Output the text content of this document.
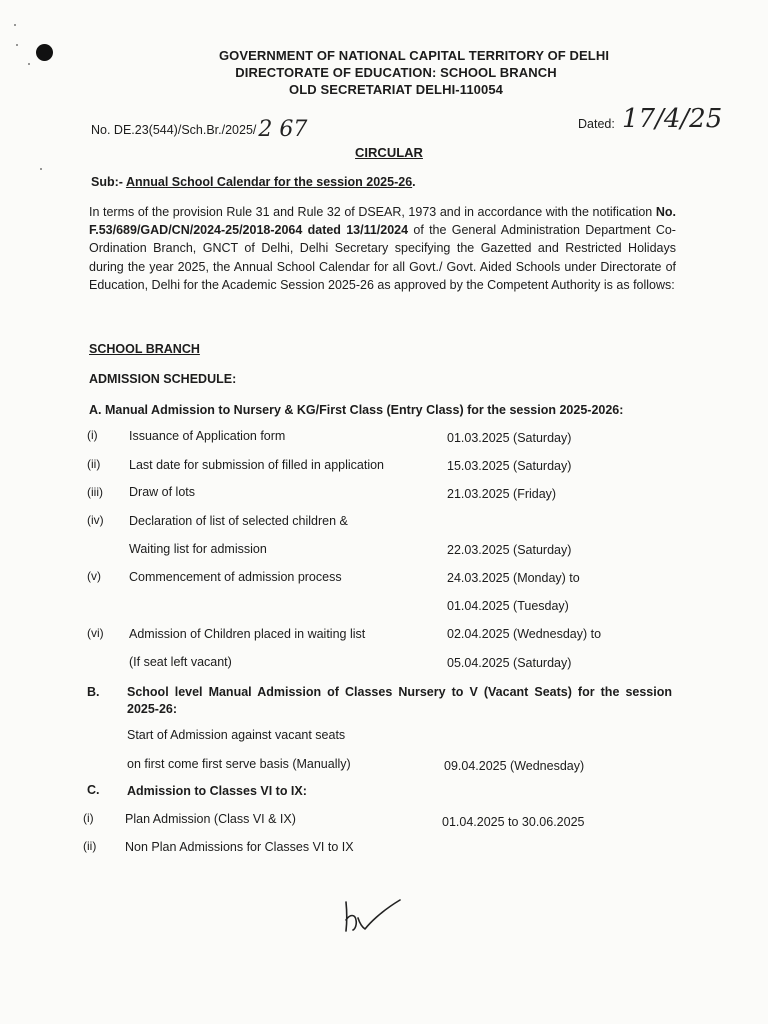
GOVERNMENT OF NATIONAL CAPITAL TERRITORY OF DELHI
DIRECTORATE OF EDUCATION: SCHOOL BRANCH
OLD SECRETARIAT DELHI-110054
No. DE.23(544)/Sch.Br./2025/2 67	Dated: 17/4/25
CIRCULAR
Sub:- Annual School Calendar for the session 2025-26.
In terms of the provision Rule 31 and Rule 32 of DSEAR, 1973 and in accordance with the notification No. F.53/689/GAD/CN/2024-25/2018-2064 dated 13/11/2024 of the General Administration Department Co- Ordination Branch, GNCT of Delhi, Delhi Secretary specifying the Gazetted and Restricted Holidays during the year 2025, the Annual School Calendar for all Govt./ Govt. Aided Schools under Directorate of Education, Delhi for the Academic Session 2025-26 as approved by the Competent Authority is as follows:
SCHOOL BRANCH
ADMISSION SCHEDULE:
A. Manual Admission to Nursery & KG/First Class (Entry Class) for the session 2025-2026:
(i)	Issuance of Application form	01.03.2025 (Saturday)
(ii) Last date for submission of filled in application	15.03.2025 (Saturday)
(iii) Draw of lots	21.03.2025 (Friday)
(iv) Declaration of list of selected children &
Waiting list for admission	22.03.2025 (Saturday)
(v) Commencement of admission process	24.03.2025 (Monday) to
01.04.2025 (Tuesday)
(vi) Admission of Children placed in waiting list	02.04.2025 (Wednesday) to
(If seat left vacant)	05.04.2025 (Saturday)
B. School level Manual Admission of Classes Nursery to V (Vacant Seats) for the session 2025-26:
Start of Admission against vacant seats
on first come first serve basis (Manually)	09.04.2025 (Wednesday)
C. Admission to Classes VI to IX:
(i)	Plan Admission (Class VI & IX)	01.04.2025 to 30.06.2025
(ii) Non Plan Admissions for Classes VI to IX
